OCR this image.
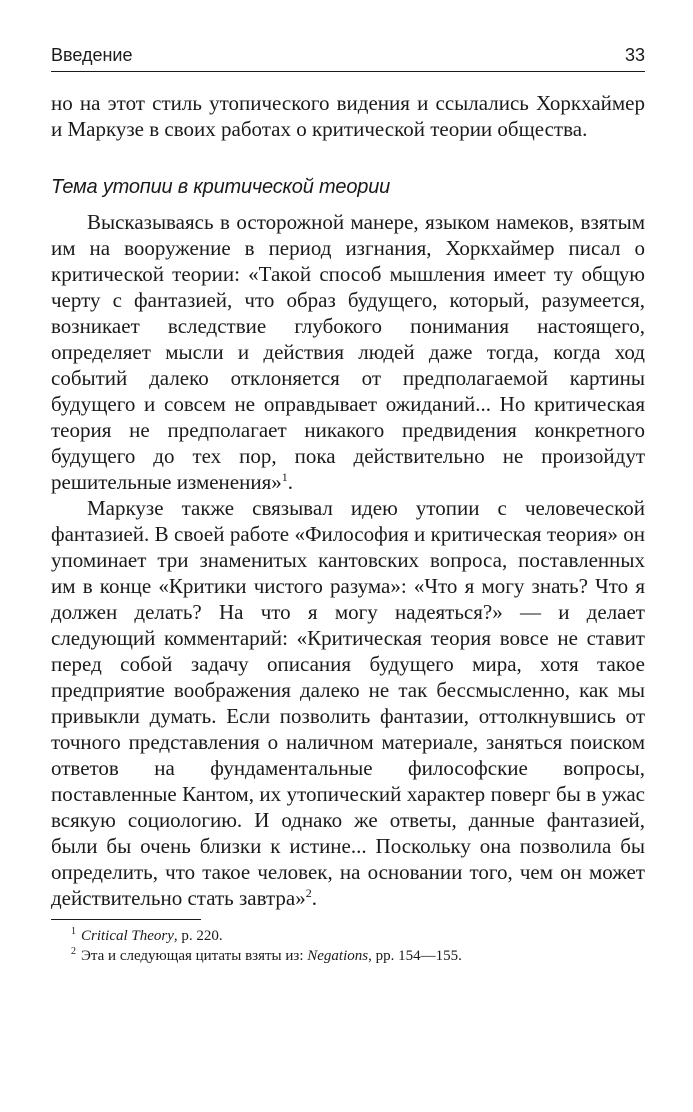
Введение	33

но на этот стиль утопического видения и ссылались Хоркхаймер и Маркузе в своих работах о критической теории общества.

Тема утопии в критической теории

Высказываясь в осторожной манере, языком намеков, взятым им на вооружение в период изгнания, Хоркхаймер писал о критической теории: «Такой способ мышления имеет ту общую черту с фантазией, что образ будущего, который, разумеется, возникает вследствие глубокого понимания настоящего, определяет мысли и действия людей даже тогда, когда ход событий далеко отклоняется от предполагаемой картины будущего и совсем не оправдывает ожиданий... Но критическая теория не предполагает никакого предвидения конкретного будущего до тех пор, пока действительно не произойдут решительные изменения»$^1$.

Маркузе также связывал идею утопии с человеческой фантазией. В своей работе «Философия и критическая теория» он упоминает три знаменитых кантовских вопроса, поставленных им в конце «Критики чистого разума»: «Что я могу знать? Что я должен делать? На что я могу надеяться?» — и делает следующий комментарий: «Критическая теория вовсе не ставит перед собой задачу описания будущего мира, хотя такое предприятие воображения далеко не так бессмысленно, как мы привыкли думать. Если позволить фантазии, оттолкнувшись от точного представления о наличном материале, заняться поиском ответов на фундаментальные философские вопросы, поставленные Кантом, их утопический характер поверг бы в ужас всякую социологию. И однако же ответы, данные фантазией, были бы очень близки к истине... Поскольку она позволила бы определить, что такое человек, на основании того, чем он может действительно стать завтра»$^2$.

$^1$ Critical Theory, p. 220.

$^2$ Эта и следующая цитаты взяты из: Negations, pp. 154—155.
